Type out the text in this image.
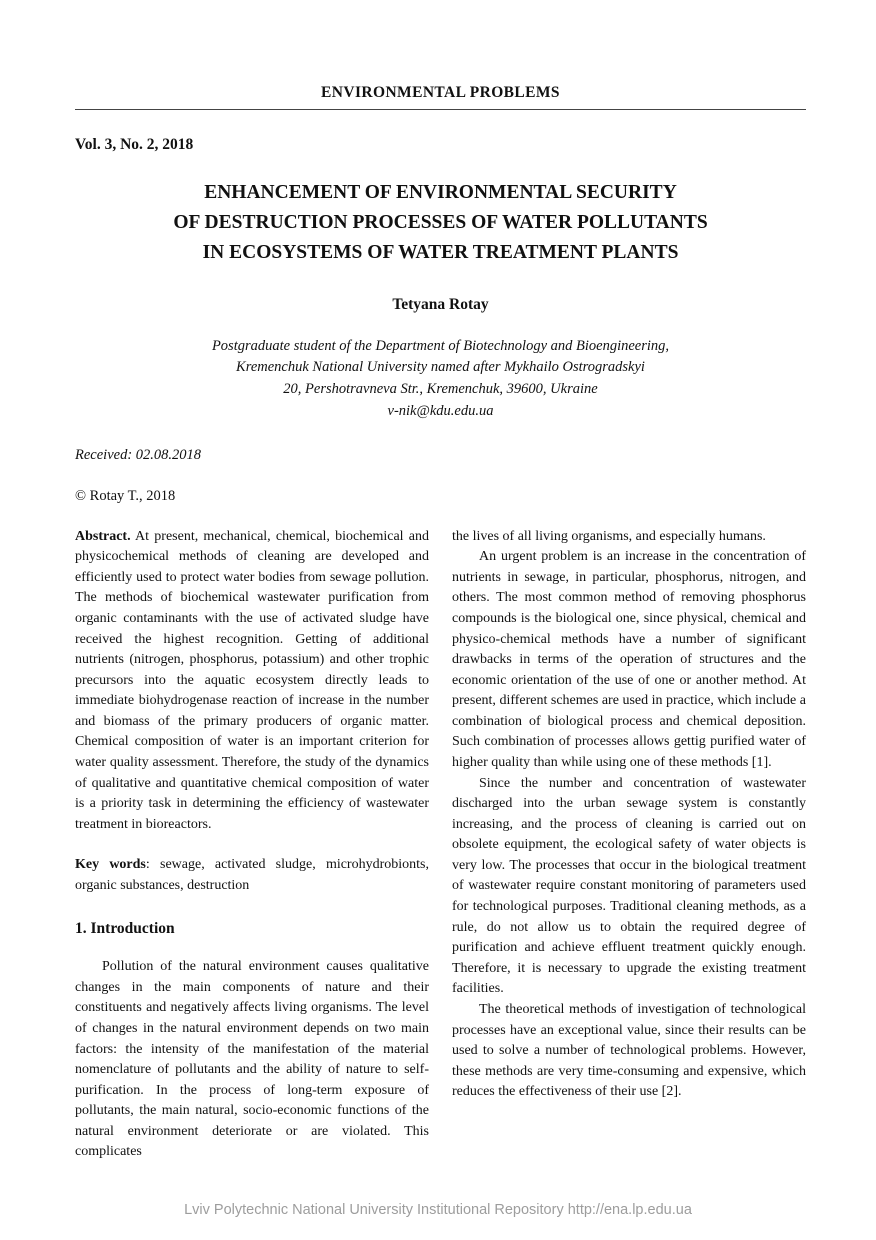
ENVIRONMENTAL PROBLEMS
Vol. 3, No. 2, 2018
ENHANCEMENT OF ENVIRONMENTAL SECURITY
OF DESTRUCTION PROCESSES OF WATER POLLUTANTS
IN ECOSYSTEMS OF WATER TREATMENT PLANTS
Tetyana Rotay
Postgraduate student of the Department of Biotechnology and Bioengineering,
Kremenchuk National University named after Mykhailo Ostrogradskyi
20, Pershotravneva Str., Kremenchuk, 39600, Ukraine
v-nik@kdu.edu.ua
Received: 02.08.2018
© Rotay T., 2018

Abstract. At present, mechanical, chemical, biochemical and physicochemical methods of cleaning are developed and efficiently used to protect water bodies from sewage pollution. The methods of biochemical wastewater purification from organic contaminants with the use of activated sludge have received the highest recognition. Getting of additional nutrients (nitrogen, phosphorus, potassium) and other trophic precursors into the aquatic ecosystem directly leads to immediate biohydrogenase reaction of increase in the number and biomass of the primary producers of organic matter. Chemical composition of water is an important criterion for water quality assessment. Therefore, the study of the dynamics of qualitative and quantitative chemical composition of water is a priority task in determining the efficiency of wastewater treatment in bioreactors.

Key words: sewage, activated sludge, microhydrobionts, organic substances, destruction

1. Introduction

Pollution of the natural environment causes qualitative changes in the main components of nature and their constituents and negatively affects living organisms. The level of changes in the natural environment depends on two main factors: the intensity of the manifestation of the material nomenclature of pollutants and the ability of nature to self-purification. In the process of long-term exposure of pollutants, the main natural, socio-economic functions of the natural environment deteriorate or are violated. This complicates

the lives of all living organisms, and especially humans.

An urgent problem is an increase in the concentration of nutrients in sewage, in particular, phosphorus, nitrogen, and others. The most common method of removing phosphorus compounds is the biological one, since physical, chemical and physico-chemical methods have a number of significant drawbacks in terms of the operation of structures and the economic orientation of the use of one or another method. At present, different schemes are used in practice, which include a combination of biological process and chemical deposition. Such combination of processes allows gettig purified water of higher quality than while using one of these methods [1].

Since the number and concentration of wastewater discharged into the urban sewage system is constantly increasing, and the process of cleaning is carried out on obsolete equipment, the ecological safety of water objects is very low. The processes that occur in the biological treatment of wastewater require constant monitoring of parameters used for technological purposes. Traditional cleaning methods, as a rule, do not allow us to obtain the required degree of purification and achieve effluent treatment quickly enough. Therefore, it is necessary to upgrade the existing treatment facilities.

The theoretical methods of investigation of technological processes have an exceptional value, since their results can be used to solve a number of technological problems. However, these methods are very time-consuming and expensive, which reduces the effectiveness of their use [2].

Lviv Polytechnic National University Institutional Repository http://ena.lp.edu.ua
